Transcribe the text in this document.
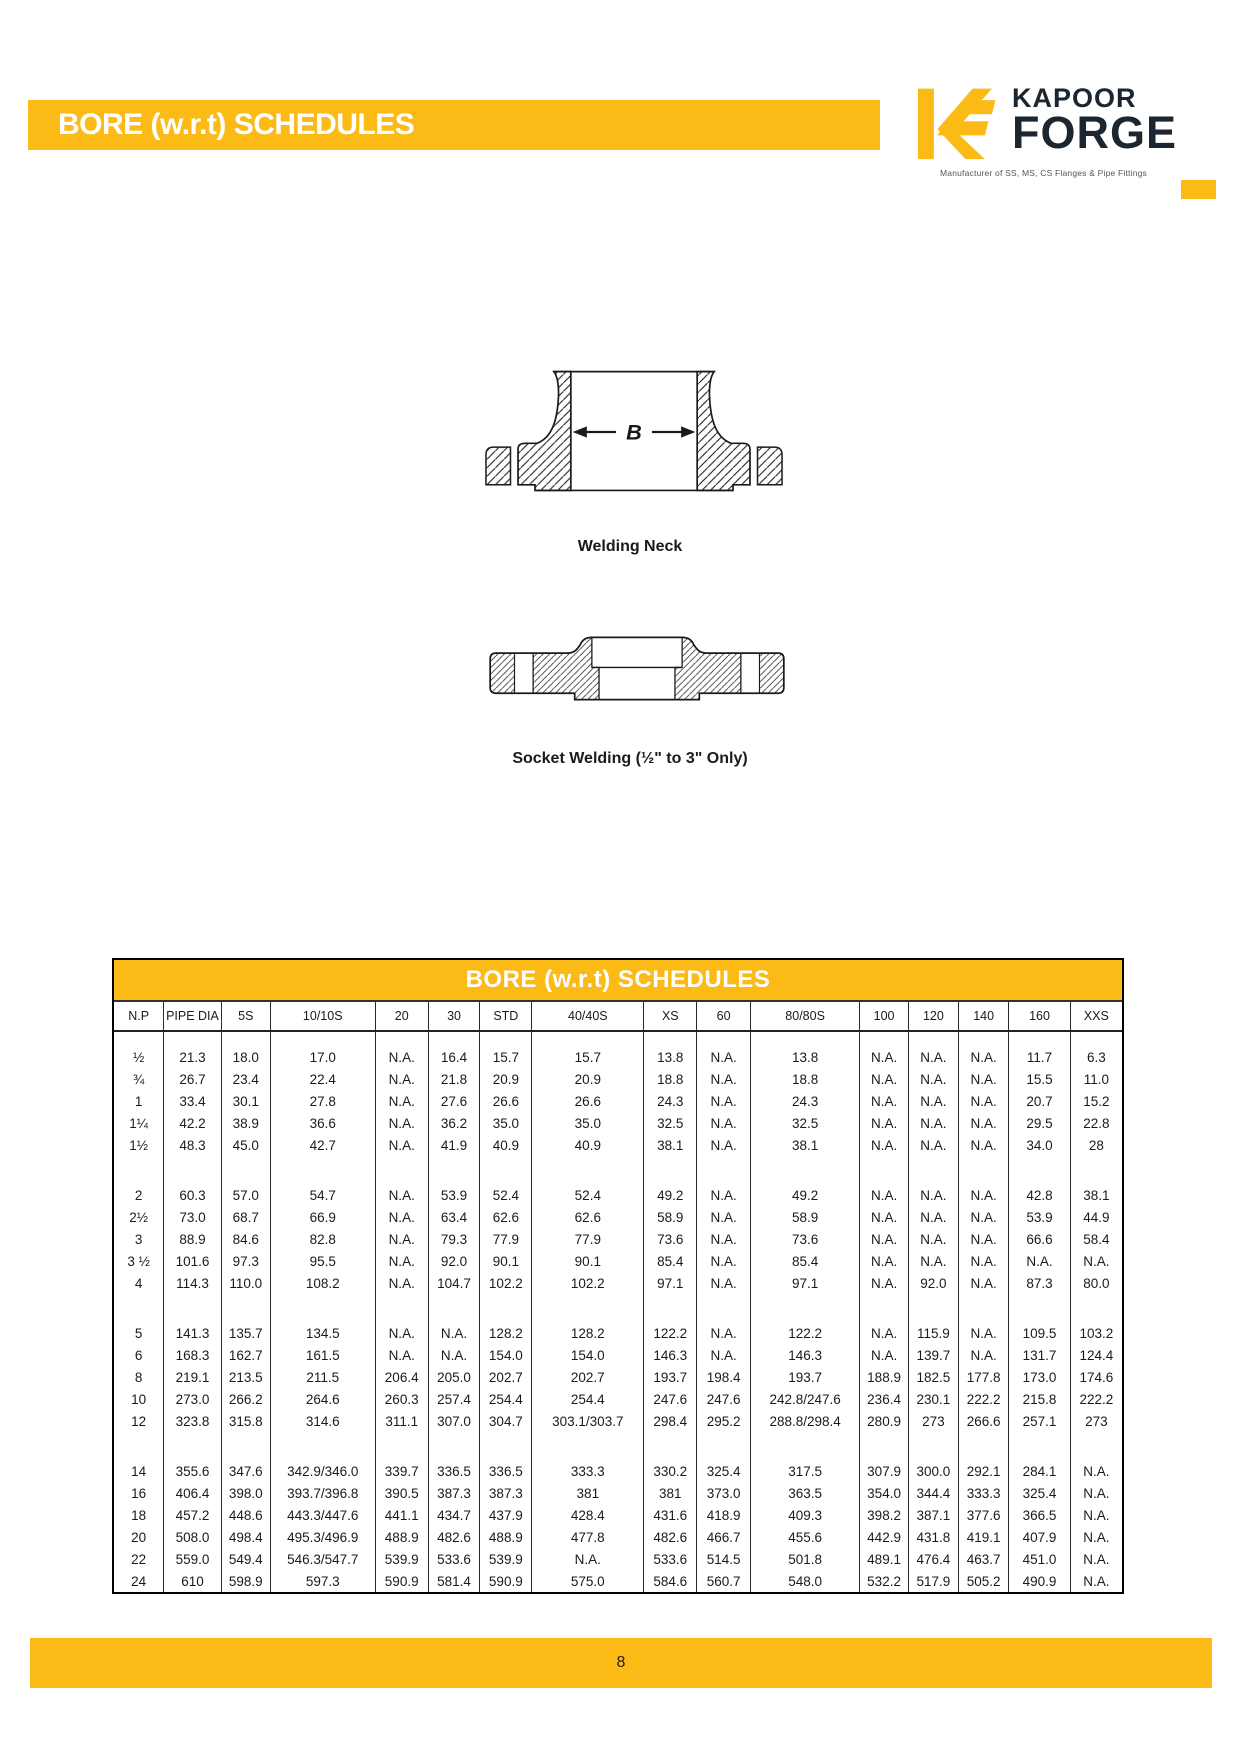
BORE (w.r.t) SCHEDULES
KAPOOR
FORGE
Manufacturer of SS, MS, CS Flanges & Pipe Fittings
B
Welding Neck
Socket Welding (½" to 3" Only)
BORE (w.r.t) SCHEDULES
N.P	PIPE DIA	5S	10/10S	20	30	STD	40/40S	XS	60	80/80S	100	120	140	160	XXS
½	21.3	18.0	17.0	N.A.	16.4	15.7	15.7	13.8	N.A.	13.8	N.A.	N.A.	N.A.	11.7	6.3
¾	26.7	23.4	22.4	N.A.	21.8	20.9	20.9	18.8	N.A.	18.8	N.A.	N.A.	N.A.	15.5	11.0
1	33.4	30.1	27.8	N.A.	27.6	26.6	26.6	24.3	N.A.	24.3	N.A.	N.A.	N.A.	20.7	15.2
1¼	42.2	38.9	36.6	N.A.	36.2	35.0	35.0	32.5	N.A.	32.5	N.A.	N.A.	N.A.	29.5	22.8
1½	48.3	45.0	42.7	N.A.	41.9	40.9	40.9	38.1	N.A.	38.1	N.A.	N.A.	N.A.	34.0	28
2	60.3	57.0	54.7	N.A.	53.9	52.4	52.4	49.2	N.A.	49.2	N.A.	N.A.	N.A.	42.8	38.1
2½	73.0	68.7	66.9	N.A.	63.4	62.6	62.6	58.9	N.A.	58.9	N.A.	N.A.	N.A.	53.9	44.9
3	88.9	84.6	82.8	N.A.	79.3	77.9	77.9	73.6	N.A.	73.6	N.A.	N.A.	N.A.	66.6	58.4
3 ½	101.6	97.3	95.5	N.A.	92.0	90.1	90.1	85.4	N.A.	85.4	N.A.	N.A.	N.A.	N.A.	N.A.
4	114.3	110.0	108.2	N.A.	104.7	102.2	102.2	97.1	N.A.	97.1	N.A.	92.0	N.A.	87.3	80.0
5	141.3	135.7	134.5	N.A.	N.A.	128.2	128.2	122.2	N.A.	122.2	N.A.	115.9	N.A.	109.5	103.2
6	168.3	162.7	161.5	N.A.	N.A.	154.0	154.0	146.3	N.A.	146.3	N.A.	139.7	N.A.	131.7	124.4
8	219.1	213.5	211.5	206.4	205.0	202.7	202.7	193.7	198.4	193.7	188.9	182.5	177.8	173.0	174.6
10	273.0	266.2	264.6	260.3	257.4	254.4	254.4	247.6	247.6	242.8/247.6	236.4	230.1	222.2	215.8	222.2
12	323.8	315.8	314.6	311.1	307.0	304.7	303.1/303.7	298.4	295.2	288.8/298.4	280.9	273	266.6	257.1	273
14	355.6	347.6	342.9/346.0	339.7	336.5	336.5	333.3	330.2	325.4	317.5	307.9	300.0	292.1	284.1	N.A.
16	406.4	398.0	393.7/396.8	390.5	387.3	387.3	381	381	373.0	363.5	354.0	344.4	333.3	325.4	N.A.
18	457.2	448.6	443.3/447.6	441.1	434.7	437.9	428.4	431.6	418.9	409.3	398.2	387.1	377.6	366.5	N.A.
20	508.0	498.4	495.3/496.9	488.9	482.6	488.9	477.8	482.6	466.7	455.6	442.9	431.8	419.1	407.9	N.A.
22	559.0	549.4	546.3/547.7	539.9	533.6	539.9	N.A.	533.6	514.5	501.8	489.1	476.4	463.7	451.0	N.A.
24	610	598.9	597.3	590.9	581.4	590.9	575.0	584.6	560.7	548.0	532.2	517.9	505.2	490.9	N.A.
8
